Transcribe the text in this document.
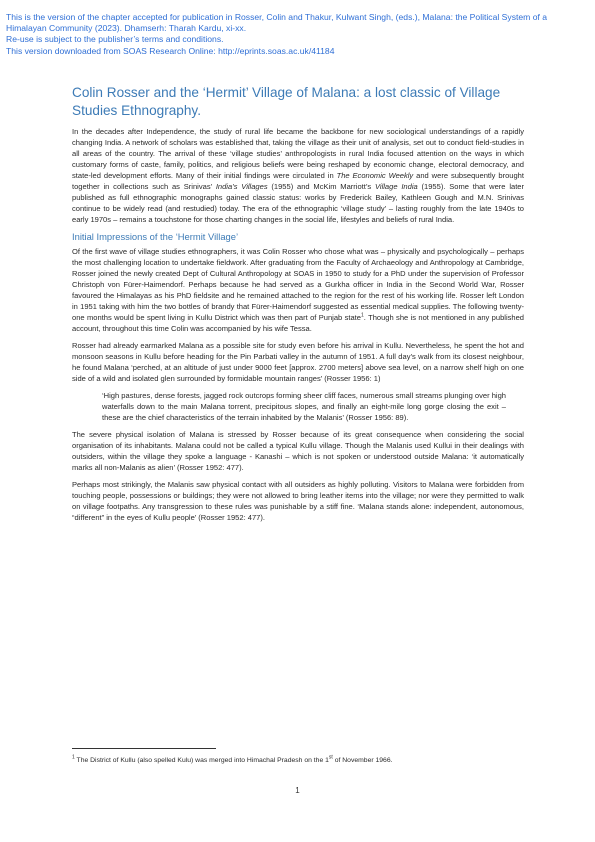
This is the version of the chapter accepted for publication in Rosser, Colin and Thakur, Kulwant Singh, (eds.), Malana: the Political System of a Himalayan Community (2023). Dhamserh: Tharah Kardu, xi-xx.
Re-use is subject to the publisher’s terms and conditions.
This version downloaded from SOAS Research Online: http://eprints.soas.ac.uk/41184
Colin Rosser and the ‘Hermit’ Village of Malana: a lost classic of Village Studies Ethnography.

In the decades after Independence, the study of rural life became the backbone for new sociological understandings of a rapidly changing India. A network of scholars was established that, taking the village as their unit of analysis, set out to conduct field-studies in all areas of the country. The arrival of these ‘village studies’ anthropologists in rural India focused attention on the ways in which customary forms of caste, family, politics, and religious beliefs were being reshaped by economic change, electoral democracy, and state-led development efforts. Many of their initial findings were circulated in The Economic Weekly and were subsequently brought together in collections such as Srinivas’ India’s Villages (1955) and McKim Marriott’s Village India (1955). Some that were later published as full ethnographic monographs gained classic status: works by Frederick Bailey, Kathleen Gough and M.N. Srinivas continue to be widely read (and restudied) today. The era of the ethnographic ‘village study’ – lasting roughly from the late 1940s to early 1970s – remains a touchstone for those charting changes in the social life, lifestyles and beliefs of rural India.

Initial Impressions of the ‘Hermit Village’

Of the first wave of village studies ethnographers, it was Colin Rosser who chose what was – physically and psychologically – perhaps the most challenging location to undertake fieldwork. After graduating from the Faculty of Archaeology and Anthropology at Cambridge, Rosser joined the newly created Dept of Cultural Anthropology at SOAS in 1950 to study for a PhD under the supervision of Professor Christoph von Fürer-Haimendorf. Perhaps because he had served as a Gurkha officer in India in the Second World War, Rosser favoured the Himalayas as his PhD fieldsite and he remained attached to the region for the rest of his working life. Rosser left London in 1951 taking with him the two bottles of brandy that Fürer-Haimendorf suggested as essential medical supplies. The following twenty-one months would be spent living in Kullu District which was then part of Punjab state$^1$. Though she is not mentioned in any published account, throughout this time Colin was accompanied by his wife Tessa.

Rosser had already earmarked Malana as a possible site for study even before his arrival in Kullu. Nevertheless, he spent the hot and monsoon seasons in Kullu before heading for the Pin Parbati valley in the autumn of 1951. A full day’s walk from its closest neighbour, he found Malana ‘perched, at an altitude of just under 9000 feet [approx. 2700 meters] above sea level, on a narrow shelf high on one side of a wild and isolated glen surrounded by formidable mountain ranges’ (Rosser 1956: 1)

‘High pastures, dense forests, jagged rock outcrops forming sheer cliff faces, numerous small streams plunging over high waterfalls down to the main Malana torrent, precipitous slopes, and finally an eight-mile long gorge closing the exit – these are the chief characteristics of the terrain inhabited by the Malanis’ (Rosser 1956: 89).

The severe physical isolation of Malana is stressed by Rosser because of its great consequence when considering the social organisation of its inhabitants. Malana could not be called a typical Kullu village. Though the Malanis used Kullui in their dealings with outsiders, within the village they spoke a language - Kanashi – which is not spoken or understood outside Malana: ‘it automatically marks all non-Malanis as alien’ (Rosser 1952: 477).

Perhaps most strikingly, the Malanis saw physical contact with all outsiders as highly polluting. Visitors to Malana were forbidden from touching people, possessions or buildings; they were not allowed to bring leather items into the village; nor were they permitted to walk on village footpaths. Any transgression to these rules was punishable by a stiff fine. ‘Malana stands alone: independent, autonomous, “different” in the eyes of Kullu people’ (Rosser 1952: 477).

$^1$ The District of Kullu (also spelled Kulu) was merged into Himachal Pradesh on the 1st of November 1966.
1
